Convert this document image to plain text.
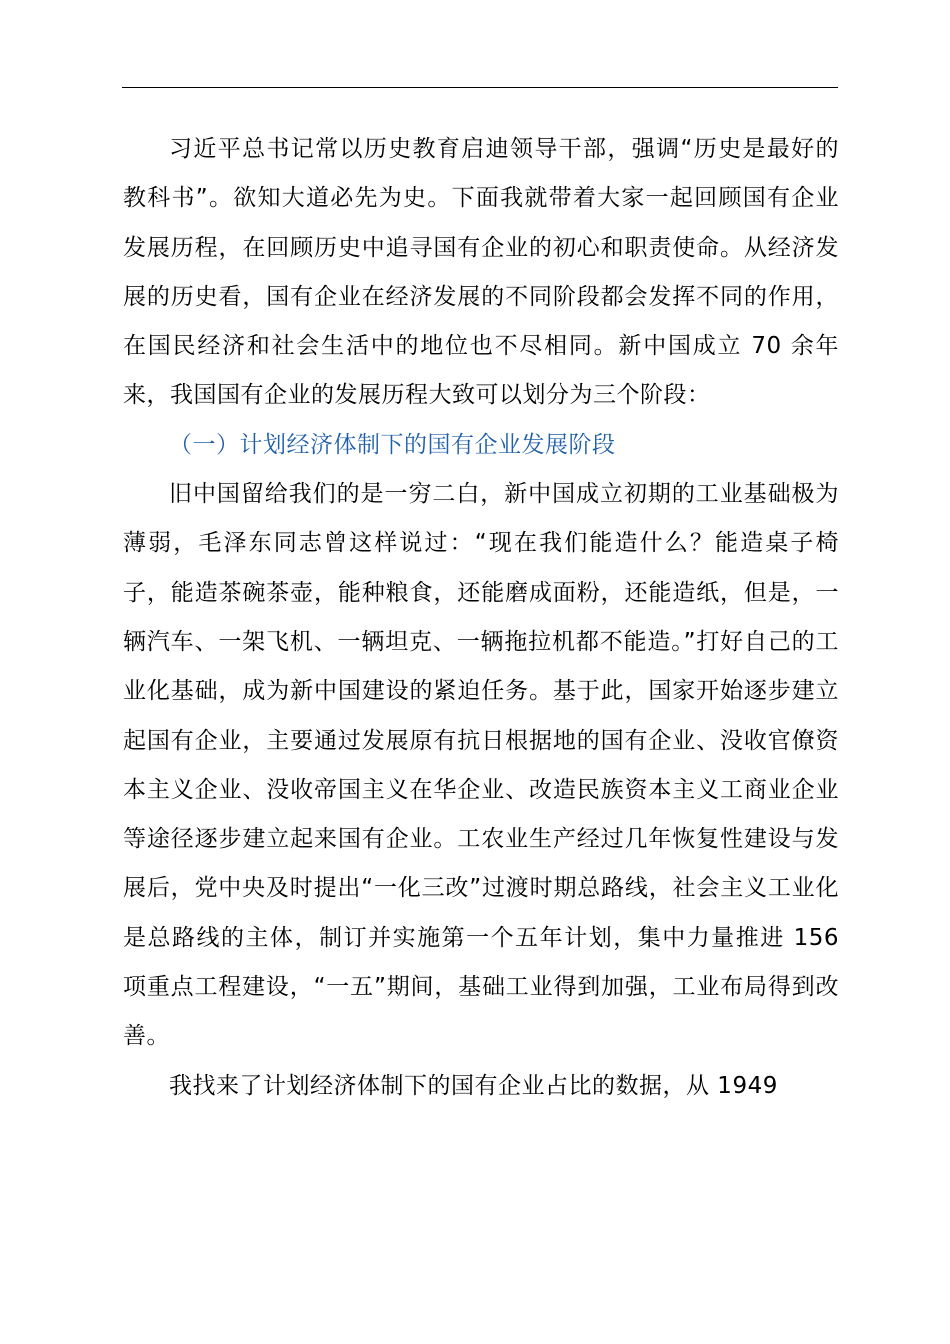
习近平总书记常以历史教育启迪领导干部，强调“历史是最好的教科书”。欲知大道必先为史。下面我就带着大家一起回顾国有企业发展历程，在回顾历史中追寻国有企业的初心和职责使命。从经济发展的历史看，国有企业在经济发展的不同阶段都会发挥不同的作用，在国民经济和社会生活中的地位也不尽相同。新中国成立 70 余年来，我国国有企业的发展历程大致可以划分为三个阶段：

（一）计划经济体制下的国有企业发展阶段

旧中国留给我们的是一穷二白，新中国成立初期的工业基础极为薄弱，毛泽东同志曾这样说过：“现在我们能造什么？能造桌子椅子，能造茶碗茶壶，能种粮食，还能磨成面粉，还能造纸，但是，一辆汽车、一架飞机、一辆坦克、一辆拖拉机都不能造。”打好自己的工业化基础，成为新中国建设的紧迫任务。基于此，国家开始逐步建立起国有企业，主要通过发展原有抗日根据地的国有企业、没收官僚资本主义企业、没收帝国主义在华企业、改造民族资本主义工商业企业等途径逐步建立起来国有企业。工农业生产经过几年恢复性建设与发展后，党中央及时提出“一化三改”过渡时期总路线，社会主义工业化是总路线的主体，制订并实施第一个五年计划，集中力量推进 156 项重点工程建设，“一五”期间，基础工业得到加强，工业布局得到改善。

我找来了计划经济体制下的国有企业占比的数据，从 1949
